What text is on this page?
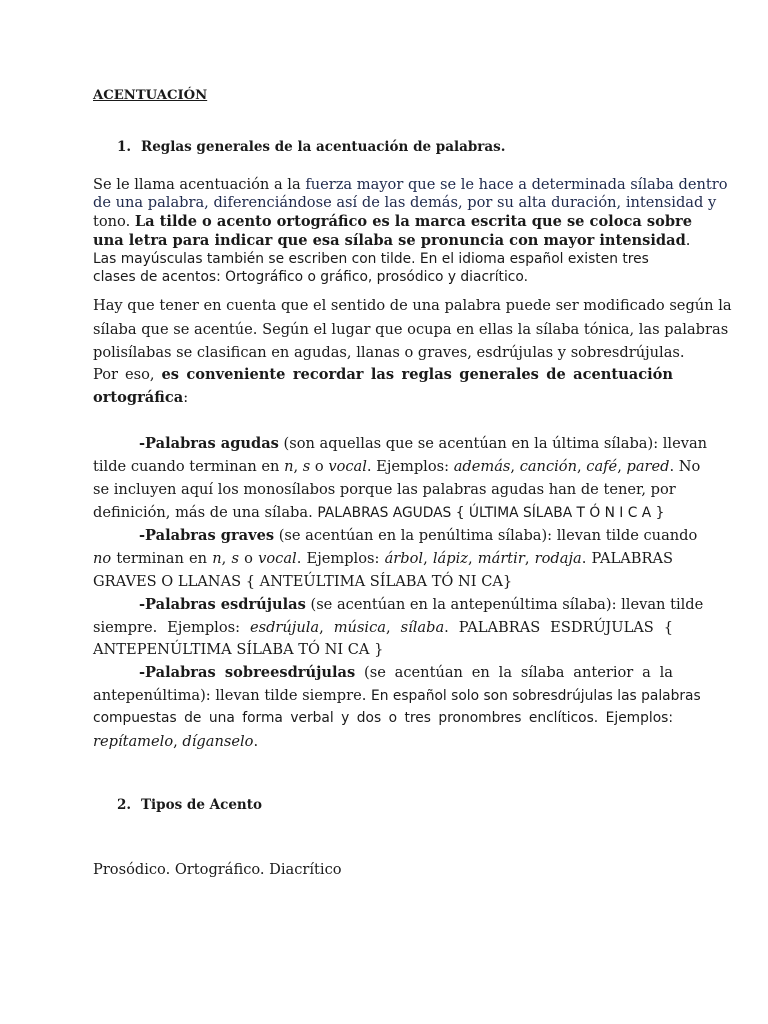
ACENTUACIÓN
1. Reglas generales de la acentuación de palabras.
Se le llama acentuación a la fuerza mayor que se le hace a determinada sílaba dentro
de una palabra, diferenciándose así de las demás, por su alta duración, intensidad y
tono. La tilde o acento ortográfico es la marca escrita que se coloca sobre
una letra para indicar que esa sílaba se pronuncia con mayor intensidad.
Las mayúsculas también se escriben con tilde. En el idioma español existen tres
clases de acentos: Ortográfico o gráfico, prosódico y diacrítico.
Hay que tener en cuenta que el sentido de una palabra puede ser modificado según la
sílaba que se acentúe. Según el lugar que ocupa en ellas la sílaba tónica, las palabras
polisílabas se clasifican en agudas, llanas o graves, esdrújulas y sobresdrújulas.
Por eso, es conveniente recordar las reglas generales de acentuación
ortográfica:
-Palabras agudas (son aquellas que se acentúan en la última sílaba): llevan
tilde cuando terminan en n, s o vocal. Ejemplos: además, canción, café, pared. No
se incluyen aquí los monosílabos porque las palabras agudas han de tener, por
definición, más de una sílaba. PALABRAS AGUDAS { ÚLTIMA SÍLABA T Ó N I C A }
-Palabras graves (se acentúan en la penúltima sílaba): llevan tilde cuando
no terminan en n, s o vocal. Ejemplos: árbol, lápiz, mártir, rodaja. PALABRAS
GRAVES O LLANAS { ANTEÚLTIMA SÍLABA TÓ NI CA}
-Palabras esdrújulas (se acentúan en la antepenúltima sílaba): llevan tilde
siempre. Ejemplos: esdrújula, música, sílaba. PALABRAS ESDRÚJULAS {
ANTEPENÚLTIMA SÍLABA TÓ NI CA }
-Palabras sobreesdrújulas (se acentúan en la sílaba anterior a la
antepenúltima): llevan tilde siempre. En español solo son sobresdrújulas las palabras
compuestas de una forma verbal y dos o tres pronombres enclíticos. Ejemplos:
repítamelo, díganselo.
2. Tipos de Acento
Prosódico. Ortográfico. Diacrítico
